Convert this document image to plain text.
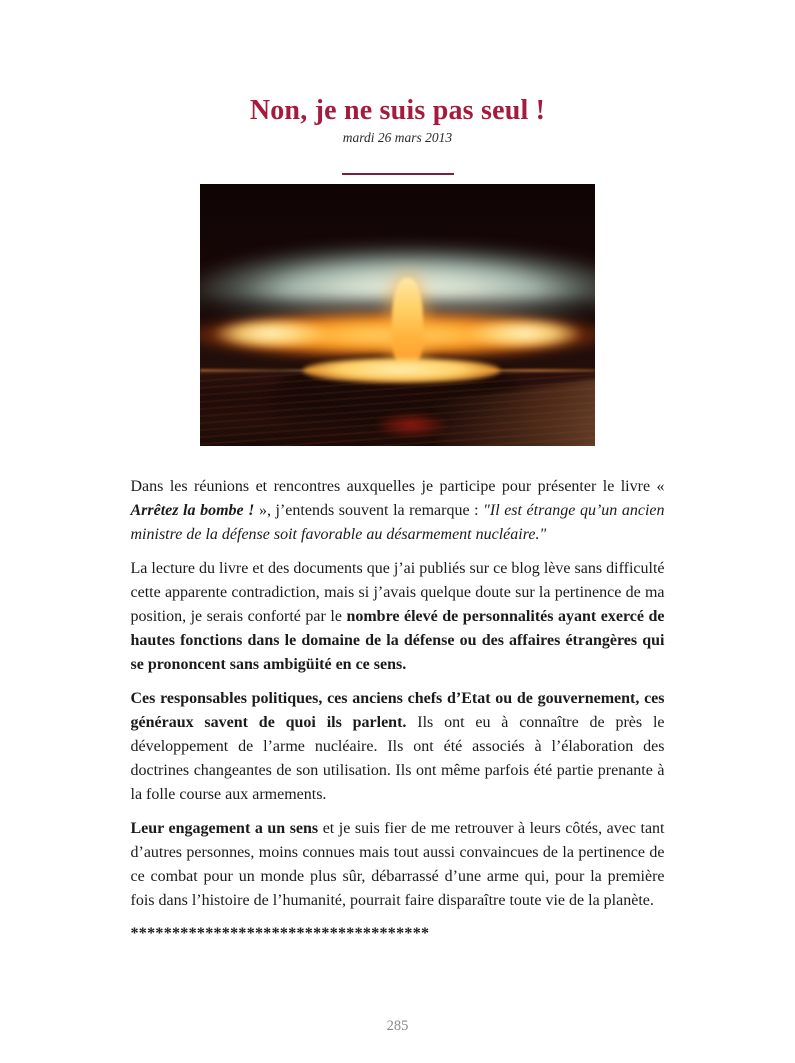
Non, je ne suis pas seul !
mardi 26 mars 2013

Dans les réunions et rencontres auxquelles je participe pour présenter le livre « Arrêtez la bombe ! », j’entends souvent la remarque : "Il est étrange qu’un ancien ministre de la défense soit favorable au désarmement nucléaire."

La lecture du livre et des documents que j’ai publiés sur ce blog lève sans difficulté cette apparente contradiction, mais si j’avais quelque doute sur la pertinence de ma position, je serais conforté par le nombre élevé de personnalités ayant exercé de hautes fonctions dans le domaine de la défense ou des affaires étrangères qui se prononcent sans ambigüité en ce sens.

Ces responsables politiques, ces anciens chefs d’Etat ou de gouvernement, ces généraux savent de quoi ils parlent. Ils ont eu à connaître de près le développement de l’arme nucléaire. Ils ont été associés à l’élaboration des doctrines changeantes de son utilisation. Ils ont même parfois été partie prenante à la folle course aux armements.

Leur engagement a un sens et je suis fier de me retrouver à leurs côtés, avec tant d’autres personnes, moins connues mais tout aussi convaincues de la pertinence de ce combat pour un monde plus sûr, débarrassé d’une arme qui, pour la première fois dans l’histoire de l’humanité, pourrait faire disparaître toute vie de la planète.

************************************

285
